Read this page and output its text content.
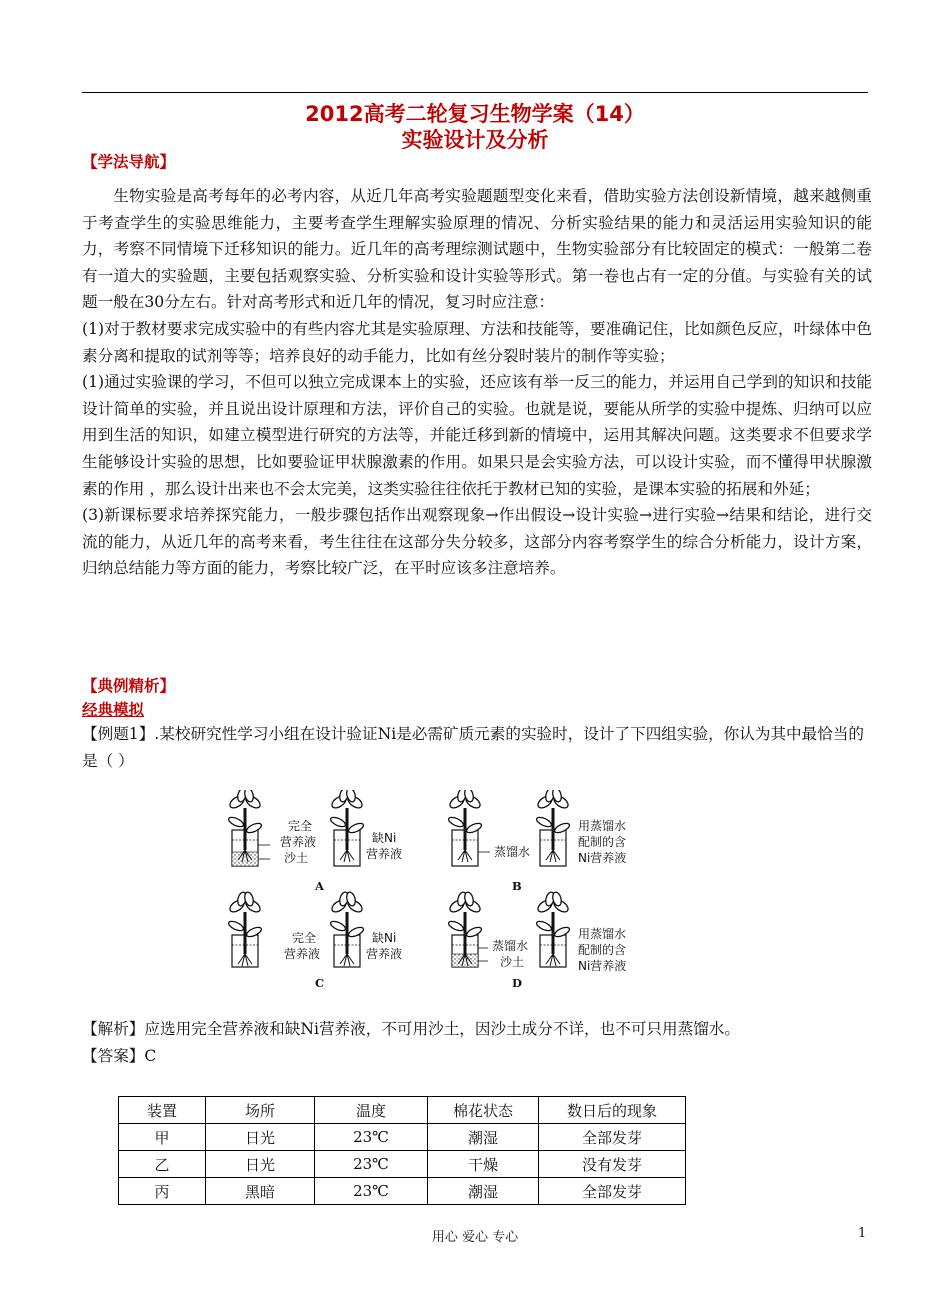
2012高考二轮复习生物学案（14）
实验设计及分析
【学法导航】

生物实验是高考每年的必考内容，从近几年高考实验题题型变化来看，借助实验方法创设新情境，越来越侧重于考查学生的实验思维能力，主要考查学生理解实验原理的情况、分析实验结果的能力和灵活运用实验知识的能力，考察不同情境下迁移知识的能力。近几年的高考理综测试题中，生物实验部分有比较固定的模式：一般第二卷有一道大的实验题，主要包括观察实验、分析实验和设计实验等形式。第一卷也占有一定的分值。与实验有关的试题一般在30分左右。针对高考形式和近几年的情况，复习时应注意：

(1)对于教材要求完成实验中的有些内容尤其是实验原理、方法和技能等，要准确记住，比如颜色反应，叶绿体中色素分离和提取的试剂等等；培养良好的动手能力，比如有丝分裂时装片的制作等实验；

(1)通过实验课的学习，不但可以独立完成课本上的实验，还应该有举一反三的能力，并运用自己学到的知识和技能设计简单的实验，并且说出设计原理和方法，评价自己的实验。也就是说，要能从所学的实验中提炼、归纳可以应用到生活的知识，如建立模型进行研究的方法等，并能迁移到新的情境中，运用其解决问题。这类要求不但要求学生能够设计实验的思想，比如要验证甲状腺激素的作用。如果只是会实验方法，可以设计实验，而不懂得甲状腺激素的作用 ，那么设计出来也不会太完美，这类实验往往依托于教材已知的实验，是课本实验的拓展和外延；

(3)新课标要求培养探究能力，一般步骤包括作出观察现象→作出假设→设计实验→进行实验→结果和结论，进行交流的能力，从近几年的高考来看，考生往往在这部分失分较多，这部分内容考察学生的综合分析能力，设计方案，归纳总结能力等方面的能力，考察比较广泛，在平时应该多注意培养。

【典例精析】
经典模拟

【例题1】.某校研究性学习小组在设计验证Ni是必需矿质元素的实验时，设计了下四组实验，你认为其中最恰当的是（ ）

完全
营养液
沙土
缺Ni
营养液
A
蒸馏水
用蒸馏水
配制的含
Ni营养液
B
完全
营养液
缺Ni
营养液
C
蒸馏水
沙土
用蒸馏水
配制的含
Ni营养液
D

【解析】应选用完全营养液和缺Ni营养液，不可用沙土，因沙土成分不详，也不可只用蒸馏水。

【答案】C

装置	场所	温度	棉花状态	数日后的现象
甲	日光	23℃	潮湿	全部发芽
乙	日光	23℃	干燥	没有发芽
丙	黑暗	23℃	潮湿	全部发芽
用心 爱心 专心	1
